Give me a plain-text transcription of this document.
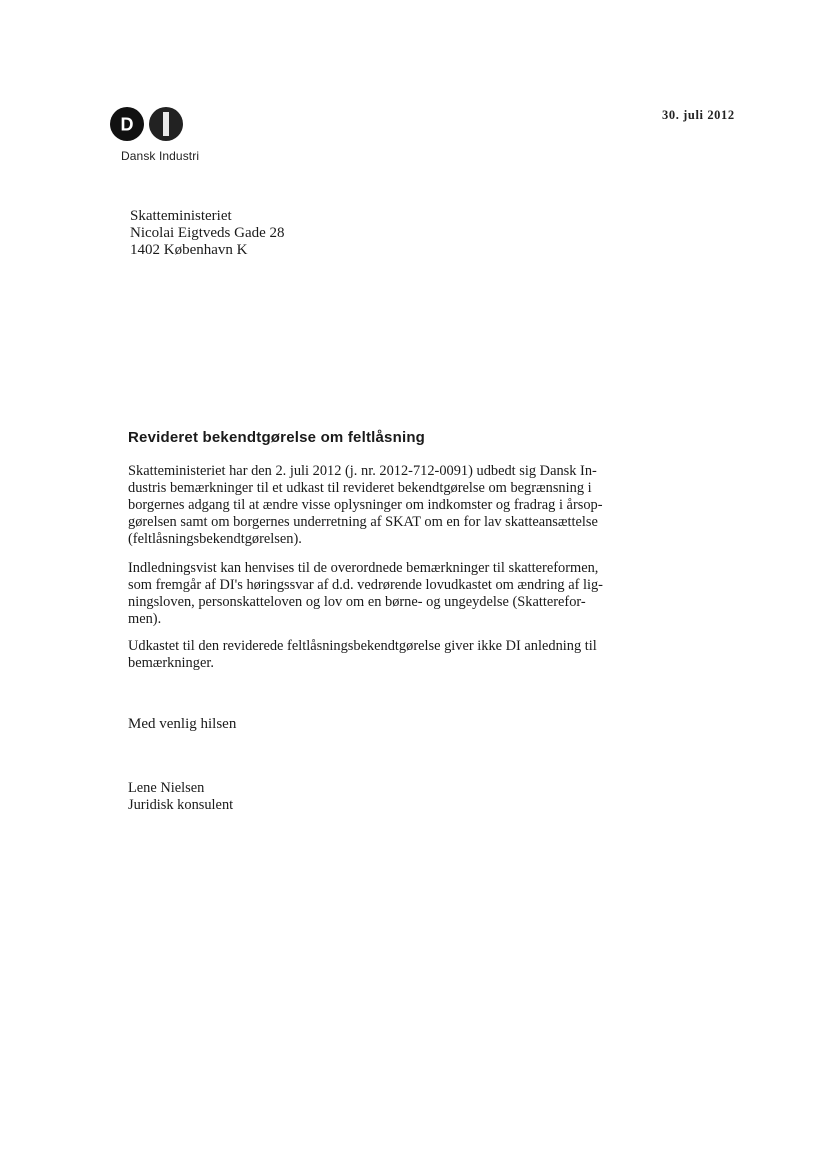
D
Dansk Industri
30. juli 2012
Skatteministeriet
Nicolai Eigtveds Gade 28
1402 København K
Revideret bekendtgørelse om feltlåsning
Skatteministeriet har den 2. juli 2012 (j. nr. 2012-712-0091) udbedt sig Dansk In-
dustris bemærkninger til et udkast til revideret bekendtgørelse om begrænsning i
borgernes adgang til at ændre visse oplysninger om indkomster og fradrag i årsop-
gørelsen samt om borgernes underretning af SKAT om en for lav skatteansættelse
(feltlåsningsbekendtgørelsen).
Indledningsvist kan henvises til de overordnede bemærkninger til skattereformen,
som fremgår af DI's høringssvar af d.d. vedrørende lovudkastet om ændring af lig-
ningsloven, personskatteloven og lov om en børne- og ungeydelse (Skatterefor-
men).
Udkastet til den reviderede feltlåsningsbekendtgørelse giver ikke DI anledning til
bemærkninger.
Med venlig hilsen
Lene Nielsen
Juridisk konsulent
